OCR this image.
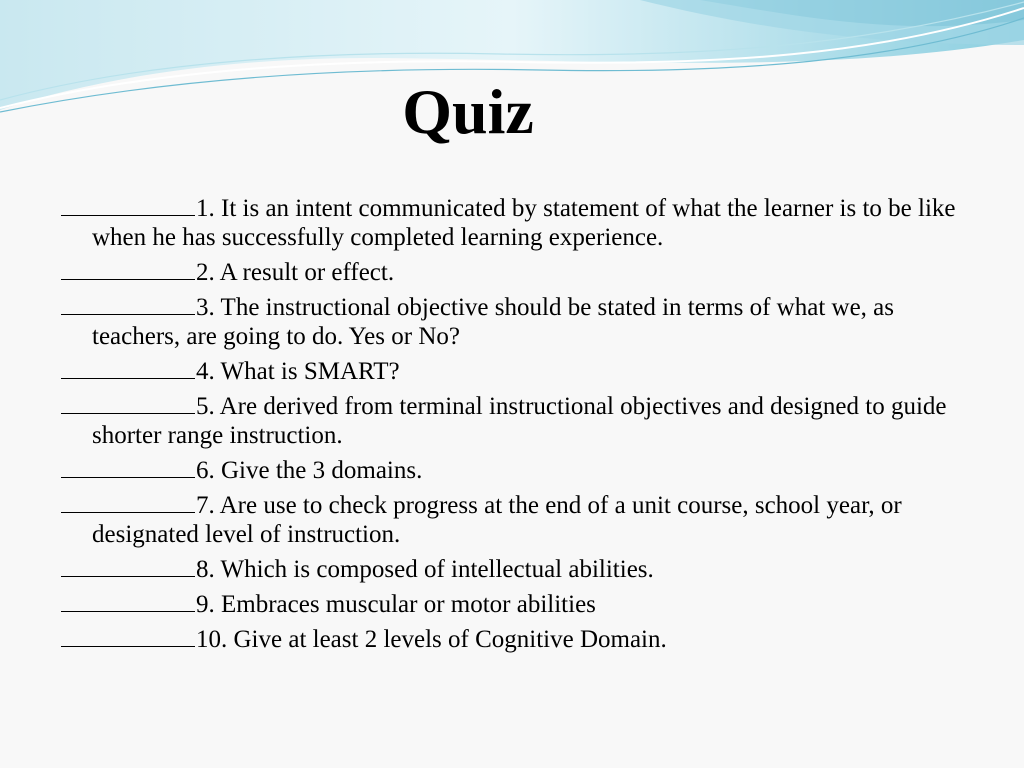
Quiz
1. It is an intent communicated by statement of what the learner is to be like when he has successfully completed learning experience.
2. A result or effect.
3. The instructional objective should be stated in terms of what we, as teachers, are going to do. Yes or No?
4. What is SMART?
5. Are derived from terminal instructional objectives and designed to guide shorter range instruction.
6. Give the 3 domains.
7. Are use to check progress at the end of a unit course, school year, or designated level of instruction.
8. Which is composed of intellectual abilities.
9. Embraces muscular or motor abilities
10. Give at least 2 levels of Cognitive Domain.
